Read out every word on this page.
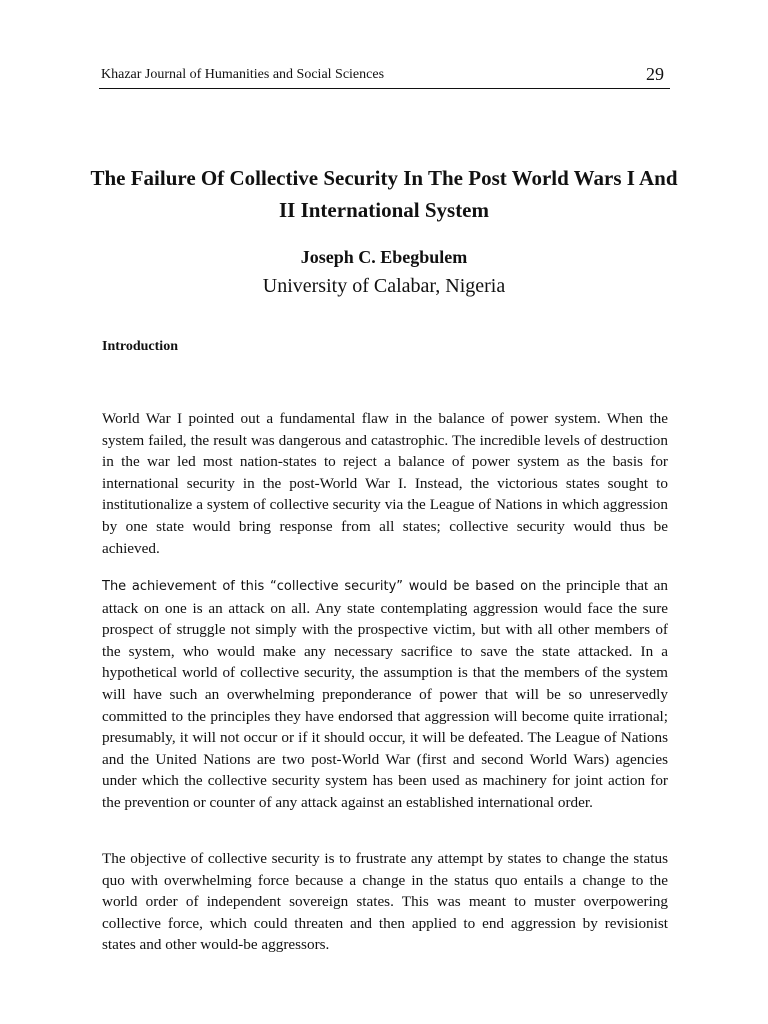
Khazar Journal of Humanities and Social Sciences	29
The Failure Of Collective Security In The Post World Wars I And II International System
Joseph C. Ebegbulem
University of Calabar, Nigeria
Introduction

World War I pointed out a fundamental flaw in the balance of power system. When the system failed, the result was dangerous and catastrophic. The incredible levels of destruction in the war led most nation-states to reject a balance of power system as the basis for international security in the post-World War I. Instead, the victorious states sought to institutionalize a system of collective security via the League of Nations in which aggression by one state would bring response from all states; collective security would thus be achieved.

The achievement of this “collective security” would be based on the principle that an attack on one is an attack on all. Any state contemplating aggression would face the sure prospect of struggle not simply with the prospective victim, but with all other members of the system, who would make any necessary sacrifice to save the state attacked. In a hypothetical world of collective security, the assumption is that the members of the system will have such an overwhelming preponderance of power that will be so unreservedly committed to the principles they have endorsed that aggression will become quite irrational; presumably, it will not occur or if it should occur, it will be defeated. The League of Nations and the United Nations are two post-World War (first and second World Wars) agencies under which the collective security system has been used as machinery for joint action for the prevention or counter of any attack against an established international order.

The objective of collective security is to frustrate any attempt by states to change the status quo with overwhelming force because a change in the status quo entails a change to the world order of independent sovereign states. This was meant to muster overpowering collective force, which could threaten and then applied to end aggression by revisionist states and other would-be aggressors.
